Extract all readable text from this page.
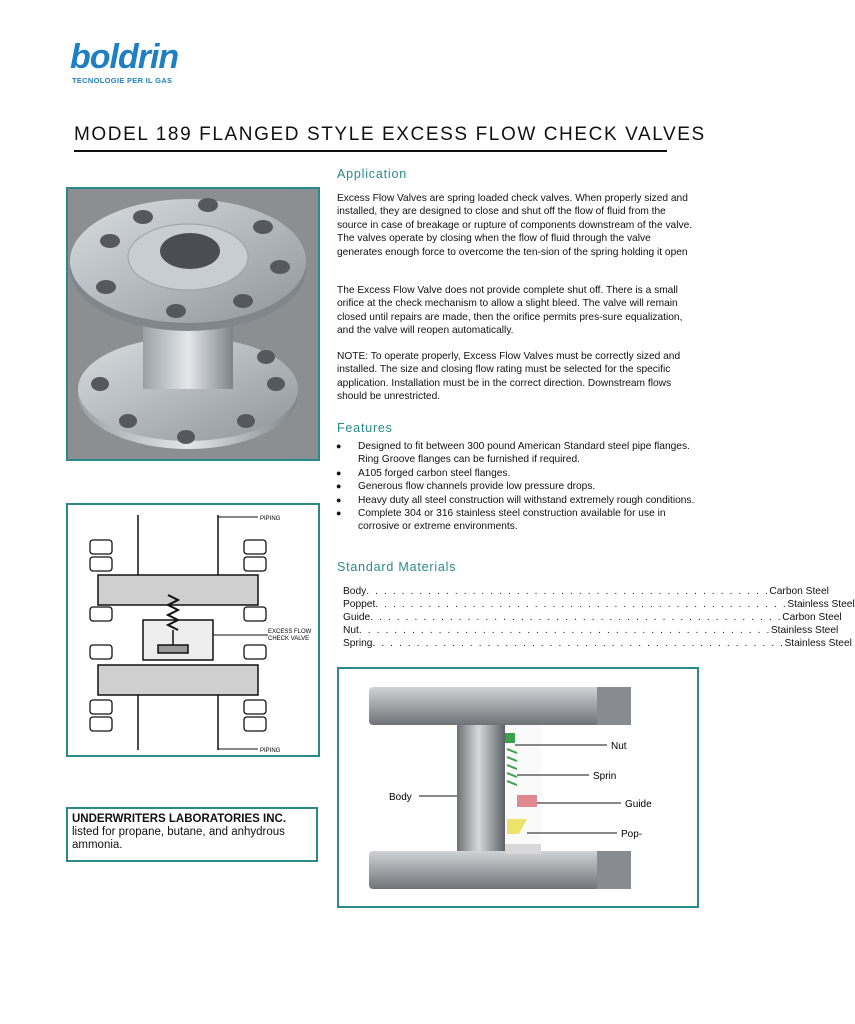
boldrin
TECNOLOGIE PER IL GAS
MODEL 189 FLANGED STYLE EXCESS FLOW CHECK VALVES
PIPING
EXCESS FLOW
CHECK VALVE
PIPING
UNDERWRITERS LABORATORIES INC.
listed for propane, butane, and anhydrous ammonia.
Application
Excess Flow Valves are spring loaded check valves. When properly sized and installed, they are designed to close and shut off the flow of fluid from the source in case of breakage or rupture of components downstream of the valve. The valves operate by closing when the flow of fluid through the valve generates enough force to overcome the ten-sion of the spring holding it open
The Excess Flow Valve does not provide complete shut off. There is a small orifice at the check mechanism to allow a slight bleed. The valve will remain closed until repairs are made, then the orifice permits pres-sure equalization, and the valve will reopen automatically.
NOTE: To operate properly, Excess Flow Valves must be correctly sized and installed. The size and closing flow rating must be selected for the specific application. Installation must be in the correct direction. Downstream flows should be unrestricted.
Features
● Designed to fit between 300 pound American Standard steel pipe flanges. Ring Groove flanges can be furnished if required.
● A105 forged carbon steel flanges.
● Generous flow channels provide low pressure drops.
● Heavy duty all steel construction will withstand extremely rough conditions.
● Complete 304 or 316 stainless steel construction available for use in corrosive or extreme environments.
Standard Materials
Body . . . . . . . . . . . . . . . . . . . . . . . . . . . . . . . . . . . . . . . . . . . . . . Carbon Steel
Poppet . . . . . . . . . . . . . . . . . . . . . . . . . . . . . . . . . . . . . . . . . . . . . . . Stainless Steel
Guide . . . . . . . . . . . . . . . . . . . . . . . . . . . . . . . . . . . . . . . . . . . . . . . Carbon Steel
Nut . . . . . . . . . . . . . . . . . . . . . . . . . . . . . . . . . . . . . . . . . . . . . . . Stainless Steel
Spring . . . . . . . . . . . . . . . . . . . . . . . . . . . . . . . . . . . . . . . . . . . . . . . Stainless Steel
Nut
Sprin
Guide
Pop-
Body
